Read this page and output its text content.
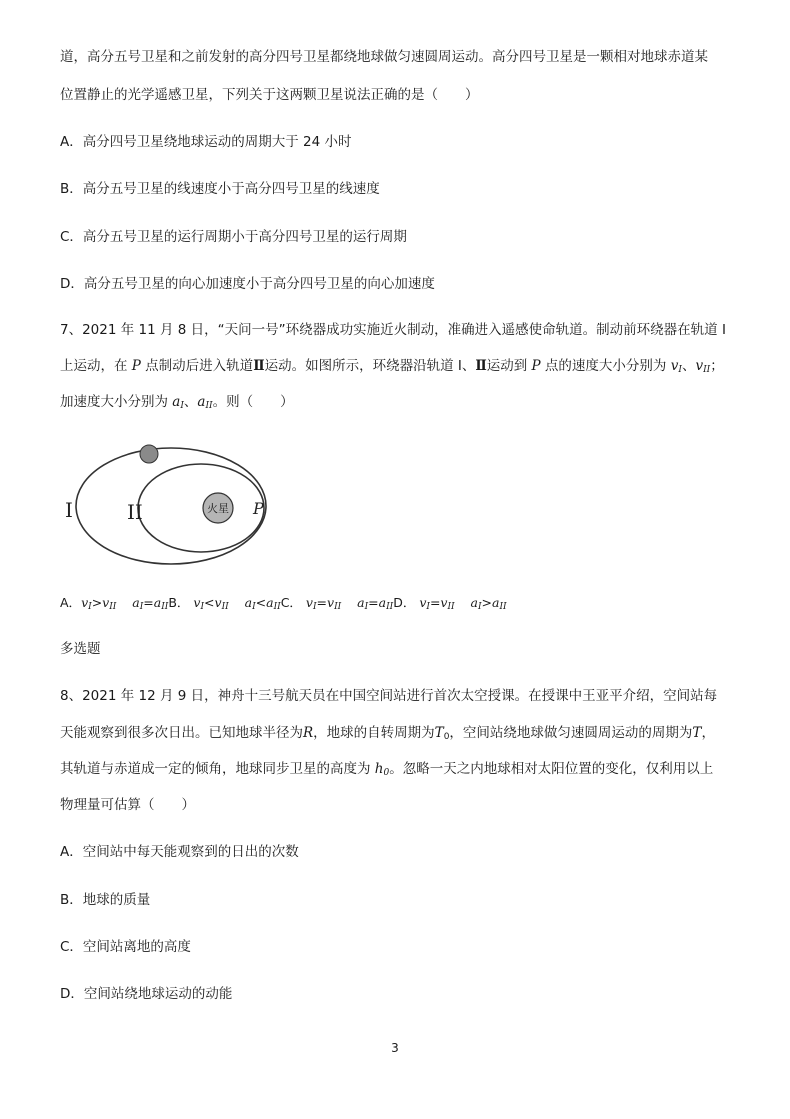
道，高分五号卫星和之前发射的高分四号卫星都绕地球做匀速圆周运动。高分四号卫星是一颗相对地球赤道某
位置静止的光学遥感卫星，下列关于这两颗卫星说法正确的是（　　）
A．高分四号卫星绕地球运动的周期大于 24 小时
B．高分五号卫星的线速度小于高分四号卫星的线速度
C．高分五号卫星的运行周期小于高分四号卫星的运行周期
D．高分五号卫星的向心加速度小于高分四号卫星的向心加速度
7、2021 年 11 月 8 日，“天问一号”环绕器成功实施近火制动，准确进入遥感使命轨道。制动前环绕器在轨道 I
上运动，在 P 点制动后进入轨道Ⅱ运动。如图所示，环绕器沿轨道 I、Ⅱ运动到 P 点的速度大小分别为 $v_I$、$v_{II}$；
加速度大小分别为 $a_I$、$a_{II}$。则（　　）
火星
I	II	P
A．$v_I>v_{II}$ $a_I=a_{II}B$． $v_I<v_{II}$ $a_I<a_{II}C$． $v_I=v_{II}$ $a_I=a_{II}D$． $v_I=v_{II}$ $a_I>a_{II}$
多选题
8、2021 年 12 月 9 日，神舟十三号航天员在中国空间站进行首次太空授课。在授课中王亚平介绍，空间站每
天能观察到很多次日出。已知地球半径为R，地球的自转周期为$T_0$，空间站绕地球做匀速圆周运动的周期为T，
其轨道与赤道成一定的倾角，地球同步卫星的高度为 $h_0$。忽略一天之内地球相对太阳位置的变化，仅利用以上
物理量可估算（　　）
A．空间站中每天能观察到的日出的次数
B．地球的质量
C．空间站离地的高度
D．空间站绕地球运动的动能
3
